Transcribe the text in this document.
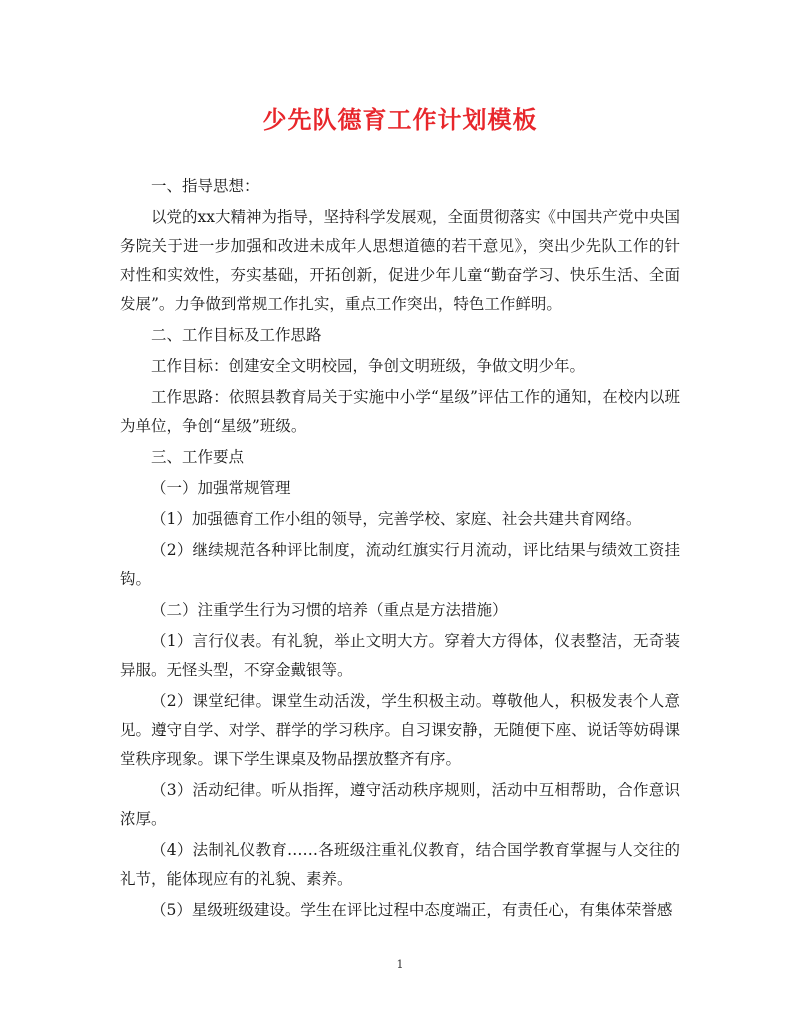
少先队德育工作计划模板

一、指导思想：

以党的xx大精神为指导，坚持科学发展观，全面贯彻落实《中国共产党中央国务院关于进一步加强和改进未成年人思想道德的若干意见》，突出少先队工作的针对性和实效性，夯实基础，开拓创新，促进少年儿童“勤奋学习、快乐生活、全面发展”。力争做到常规工作扎实，重点工作突出，特色工作鲜明。

二、工作目标及工作思路

工作目标：创建安全文明校园，争创文明班级，争做文明少年。

工作思路：依照县教育局关于实施中小学“星级”评估工作的通知，在校内以班为单位，争创“星级”班级。

三、工作要点

（一）加强常规管理

（1）加强德育工作小组的领导，完善学校、家庭、社会共建共育网络。

（2）继续规范各种评比制度，流动红旗实行月流动，评比结果与绩效工资挂钩。

（二）注重学生行为习惯的培养（重点是方法措施）

（1）言行仪表。有礼貌，举止文明大方。穿着大方得体，仪表整洁，无奇装异服。无怪头型，不穿金戴银等。

（2）课堂纪律。课堂生动活泼，学生积极主动。尊敬他人，积极发表个人意见。遵守自学、对学、群学的学习秩序。自习课安静，无随便下座、说话等妨碍课堂秩序现象。课下学生课桌及物品摆放整齐有序。

（3）活动纪律。听从指挥，遵守活动秩序规则，活动中互相帮助，合作意识浓厚。

（4）法制礼仪教育……各班级注重礼仪教育，结合国学教育掌握与人交往的礼节，能体现应有的礼貌、素养。

（5）星级班级建设。学生在评比过程中态度端正，有责任心，有集体荣誉感

1
